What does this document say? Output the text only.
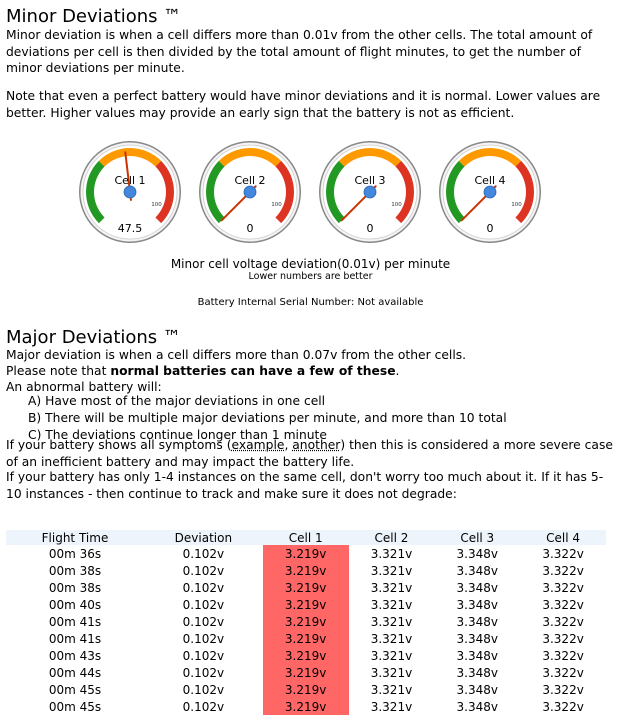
Minor Deviations ™

Minor deviation is when a cell differs more than 0.01v from the other cells. The total amount of deviations per cell is then divided by the total amount of flight minutes, to get the number of minor deviations per minute.

Note that even a perfect battery would have minor deviations and it is normal. Lower values are better. Higher values may provide an early sign that the battery is not as efficient.

100
Cell 1
47.5
100
Cell 2
0
100
Cell 3
0
100
Cell 4
0
Minor cell voltage deviation(0.01v) per minute
Lower numbers are better
Battery Internal Serial Number: Not available
Major Deviations ™

Major deviation is when a cell differs more than 0.07v from the other cells.

Please note that normal batteries can have a few of these.

An abnormal battery will:

A) Have most of the major deviations in one cell
B) There will be multiple major deviations per minute, and more than 10 total
C) The deviations continue longer than 1 minute

If your battery shows all symptoms (example, another) then this is considered a more severe case of an inefficient battery and may impact the battery life.

If your battery has only 1-4 instances on the same cell, don't worry too much about it. If it has 5-10 instances - then continue to track and make sure it does not degrade:

Flight Time	Deviation	Cell 1	Cell 2	Cell 3	Cell 4
00m 36s	0.102v	3.219v	3.321v	3.348v	3.322v
00m 38s	0.102v	3.219v	3.321v	3.348v	3.322v
00m 38s	0.102v	3.219v	3.321v	3.348v	3.322v
00m 40s	0.102v	3.219v	3.321v	3.348v	3.322v
00m 41s	0.102v	3.219v	3.321v	3.348v	3.322v
00m 41s	0.102v	3.219v	3.321v	3.348v	3.322v
00m 43s	0.102v	3.219v	3.321v	3.348v	3.322v
00m 44s	0.102v	3.219v	3.321v	3.348v	3.322v
00m 45s	0.102v	3.219v	3.321v	3.348v	3.322v
00m 45s	0.102v	3.219v	3.321v	3.348v	3.322v
